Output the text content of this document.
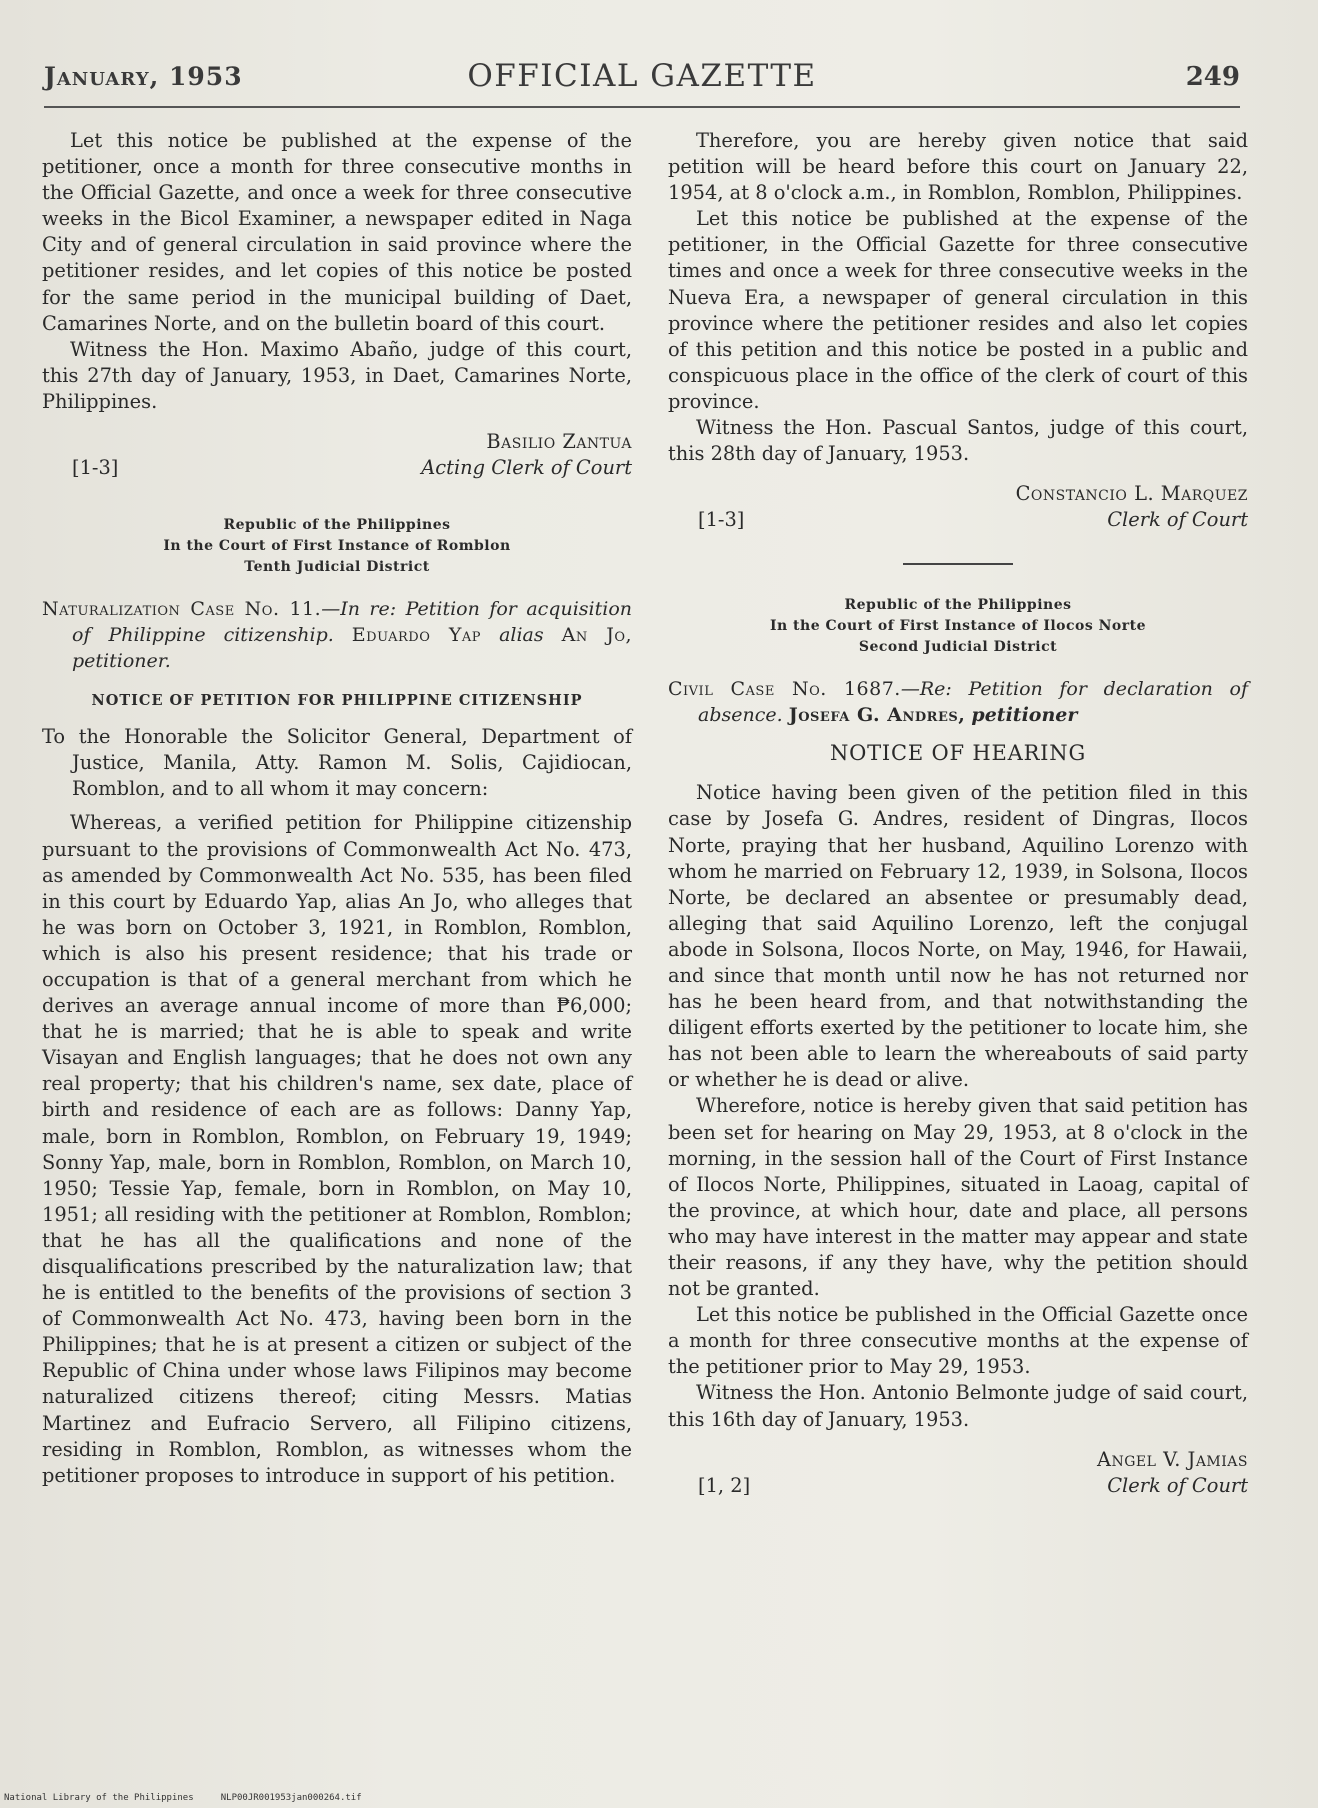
January, 1953	OFFICIAL GAZETTE	249

Let this notice be published at the expense of the petitioner, once a month for three consecutive months in the Official Gazette, and once a week for three consecutive weeks in the Bicol Examiner, a newspaper edited in Naga City and of general circulation in said province where the petitioner resides, and let copies of this notice be posted for the same period in the municipal building of Daet, Camarines Norte, and on the bulletin board of this court.

Witness the Hon. Maximo Abaño, judge of this court, this 27th day of January, 1953, in Daet, Camarines Norte, Philippines.

Basilio Zantua
Acting Clerk of Court
[1-3]
Republic of the Philippines
In the Court of First Instance of Romblon
Tenth Judicial District
Naturalization Case No. 11.—In re: Petition for acquisition of Philippine citizenship. Eduardo Yap alias An Jo, petitioner.
NOTICE OF PETITION FOR PHILIPPINE CITIZENSHIP
To the Honorable the Solicitor General, Department of Justice, Manila, Atty. Ramon M. Solis, Cajidiocan, Romblon, and to all whom it may concern:

Whereas, a verified petition for Philippine citizenship pursuant to the provisions of Commonwealth Act No. 473, as amended by Commonwealth Act No. 535, has been filed in this court by Eduardo Yap, alias An Jo, who alleges that he was born on October 3, 1921, in Romblon, Romblon, which is also his present residence; that his trade or occupation is that of a general merchant from which he derives an average annual income of more than ₱6,000; that he is married; that he is able to speak and write Visayan and English languages; that he does not own any real property; that his children's name, sex date, place of birth and residence of each are as follows: Danny Yap, male, born in Romblon, Romblon, on February 19, 1949; Sonny Yap, male, born in Romblon, Romblon, on March 10, 1950; Tessie Yap, female, born in Romblon, on May 10, 1951; all residing with the petitioner at Romblon, Romblon; that he has all the qualifications and none of the disqualifications prescribed by the naturalization law; that he is entitled to the benefits of the provisions of section 3 of Commonwealth Act No. 473, having been born in the Philippines; that he is at present a citizen or subject of the Republic of China under whose laws Filipinos may become naturalized citizens thereof; citing Messrs. Matias Martinez and Eufracio Servero, all Filipino citizens, residing in Romblon, Romblon, as witnesses whom the petitioner proposes to introduce in support of his petition.

Therefore, you are hereby given notice that said petition will be heard before this court on January 22, 1954, at 8 o'clock a.m., in Romblon, Romblon, Philippines.

Let this notice be published at the expense of the petitioner, in the Official Gazette for three consecutive times and once a week for three consecutive weeks in the Nueva Era, a newspaper of general circulation in this province where the petitioner resides and also let copies of this petition and this notice be posted in a public and conspicuous place in the office of the clerk of court of this province.

Witness the Hon. Pascual Santos, judge of this court, this 28th day of January, 1953.

Constancio L. Marquez
Clerk of Court
[1-3]
Republic of the Philippines
In the Court of First Instance of Ilocos Norte
Second Judicial District
Civil Case No. 1687.—Re: Petition for declaration of absence. Josefa G. Andres, petitioner
NOTICE OF HEARING

Notice having been given of the petition filed in this case by Josefa G. Andres, resident of Dingras, Ilocos Norte, praying that her husband, Aquilino Lorenzo with whom he married on February 12, 1939, in Solsona, Ilocos Norte, be declared an absentee or presumably dead, alleging that said Aquilino Lorenzo, left the conjugal abode in Solsona, Ilocos Norte, on May, 1946, for Hawaii, and since that month until now he has not returned nor has he been heard from, and that notwithstanding the diligent efforts exerted by the petitioner to locate him, she has not been able to learn the whereabouts of said party or whether he is dead or alive.

Wherefore, notice is hereby given that said petition has been set for hearing on May 29, 1953, at 8 o'clock in the morning, in the session hall of the Court of First Instance of Ilocos Norte, Philippines, situated in Laoag, capital of the province, at which hour, date and place, all persons who may have interest in the matter may appear and state their reasons, if any they have, why the petition should not be granted.

Let this notice be published in the Official Gazette once a month for three consecutive months at the expense of the petitioner prior to May 29, 1953.

Witness the Hon. Antonio Belmonte judge of said court, this 16th day of January, 1953.

Angel V. Jamias
Clerk of Court
[1, 2]
National Library of the Philippines     NLP00JR001953jan000264.tif
